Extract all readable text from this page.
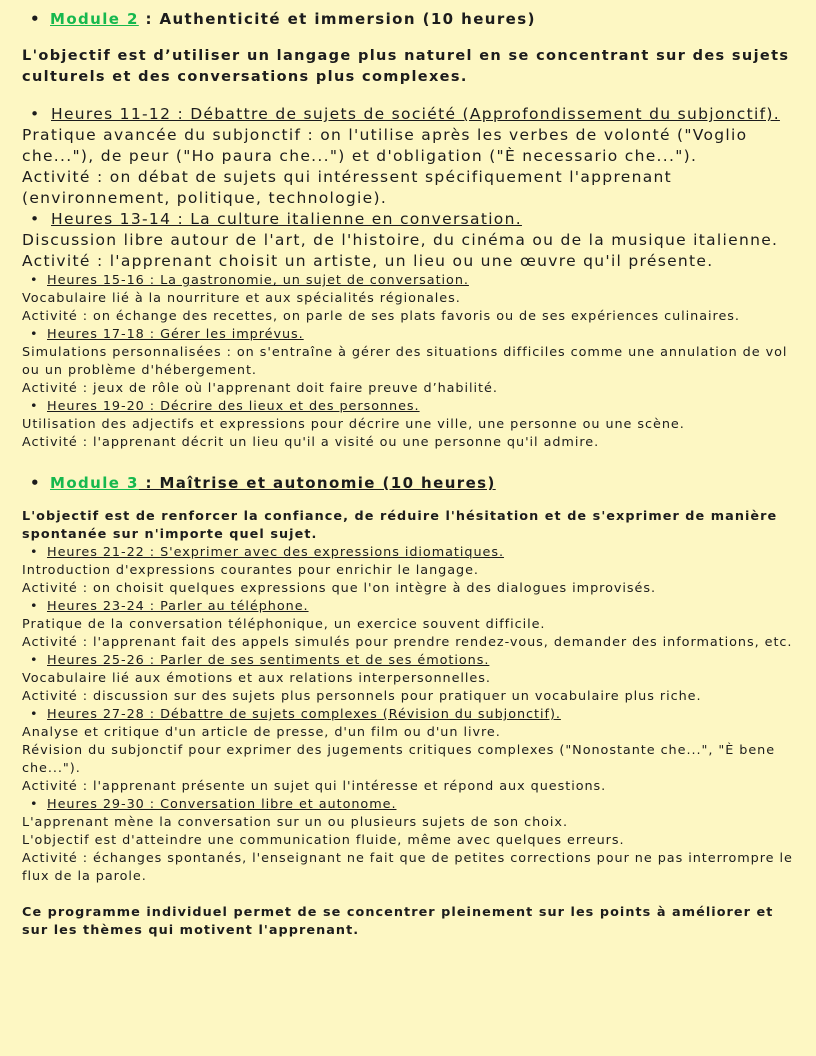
• Module 2 : Authenticité et immersion (10 heures)

L'objectif est d’utiliser un langage plus naturel en se concentrant sur des sujets culturels et des conversations plus complexes.

• Heures 11-12 : Débattre de sujets de société (Approfondissement du subjonctif).

Pratique avancée du subjonctif : on l'utilise après les verbes de volonté ("Voglio che..."), de peur ("Ho paura che...") et d'obligation ("È necessario che...").

Activité : on débat de sujets qui intéressent spécifiquement l'apprenant (environnement, politique, technologie).

• Heures 13-14 : La culture italienne en conversation.

Discussion libre autour de l'art, de l'histoire, du cinéma ou de la musique italienne.

Activité : l'apprenant choisit un artiste, un lieu ou une œuvre qu'il présente.

• Heures 15-16 : La gastronomie, un sujet de conversation.

Vocabulaire lié à la nourriture et aux spécialités régionales.

Activité : on échange des recettes, on parle de ses plats favoris ou de ses expériences culinaires.

• Heures 17-18 : Gérer les imprévus.

Simulations personnalisées : on s'entraîne à gérer des situations difficiles comme une annulation de vol ou un problème d'hébergement.

Activité : jeux de rôle où l'apprenant doit faire preuve d’habilité.

• Heures 19-20 : Décrire des lieux et des personnes.

Utilisation des adjectifs et expressions pour décrire une ville, une personne ou une scène.

Activité : l'apprenant décrit un lieu qu'il a visité ou une personne qu'il admire.

• Module 3 : Maîtrise et autonomie (10 heures)

L'objectif est de renforcer la confiance, de réduire l'hésitation et de s'exprimer de manière spontanée sur n'importe quel sujet.

• Heures 21-22 : S'exprimer avec des expressions idiomatiques.

Introduction d'expressions courantes pour enrichir le langage.

Activité : on choisit quelques expressions que l'on intègre à des dialogues improvisés.

• Heures 23-24 : Parler au téléphone.

Pratique de la conversation téléphonique, un exercice souvent difficile.

Activité : l'apprenant fait des appels simulés pour prendre rendez-vous, demander des informations, etc.

• Heures 25-26 : Parler de ses sentiments et de ses émotions.

Vocabulaire lié aux émotions et aux relations interpersonnelles.

Activité : discussion sur des sujets plus personnels pour pratiquer un vocabulaire plus riche.

• Heures 27-28 : Débattre de sujets complexes (Révision du subjonctif).

Analyse et critique d'un article de presse, d'un film ou d'un livre.

Révision du subjonctif pour exprimer des jugements critiques complexes ("Nonostante che...", "È bene che...").

Activité : l'apprenant présente un sujet qui l'intéresse et répond aux questions.

• Heures 29-30 : Conversation libre et autonome.

L'apprenant mène la conversation sur un ou plusieurs sujets de son choix.

L'objectif est d'atteindre une communication fluide, même avec quelques erreurs.

Activité : échanges spontanés, l'enseignant ne fait que de petites corrections pour ne pas interrompre le flux de la parole.

Ce programme individuel permet de se concentrer pleinement sur les points à améliorer et sur les thèmes qui motivent l'apprenant.
